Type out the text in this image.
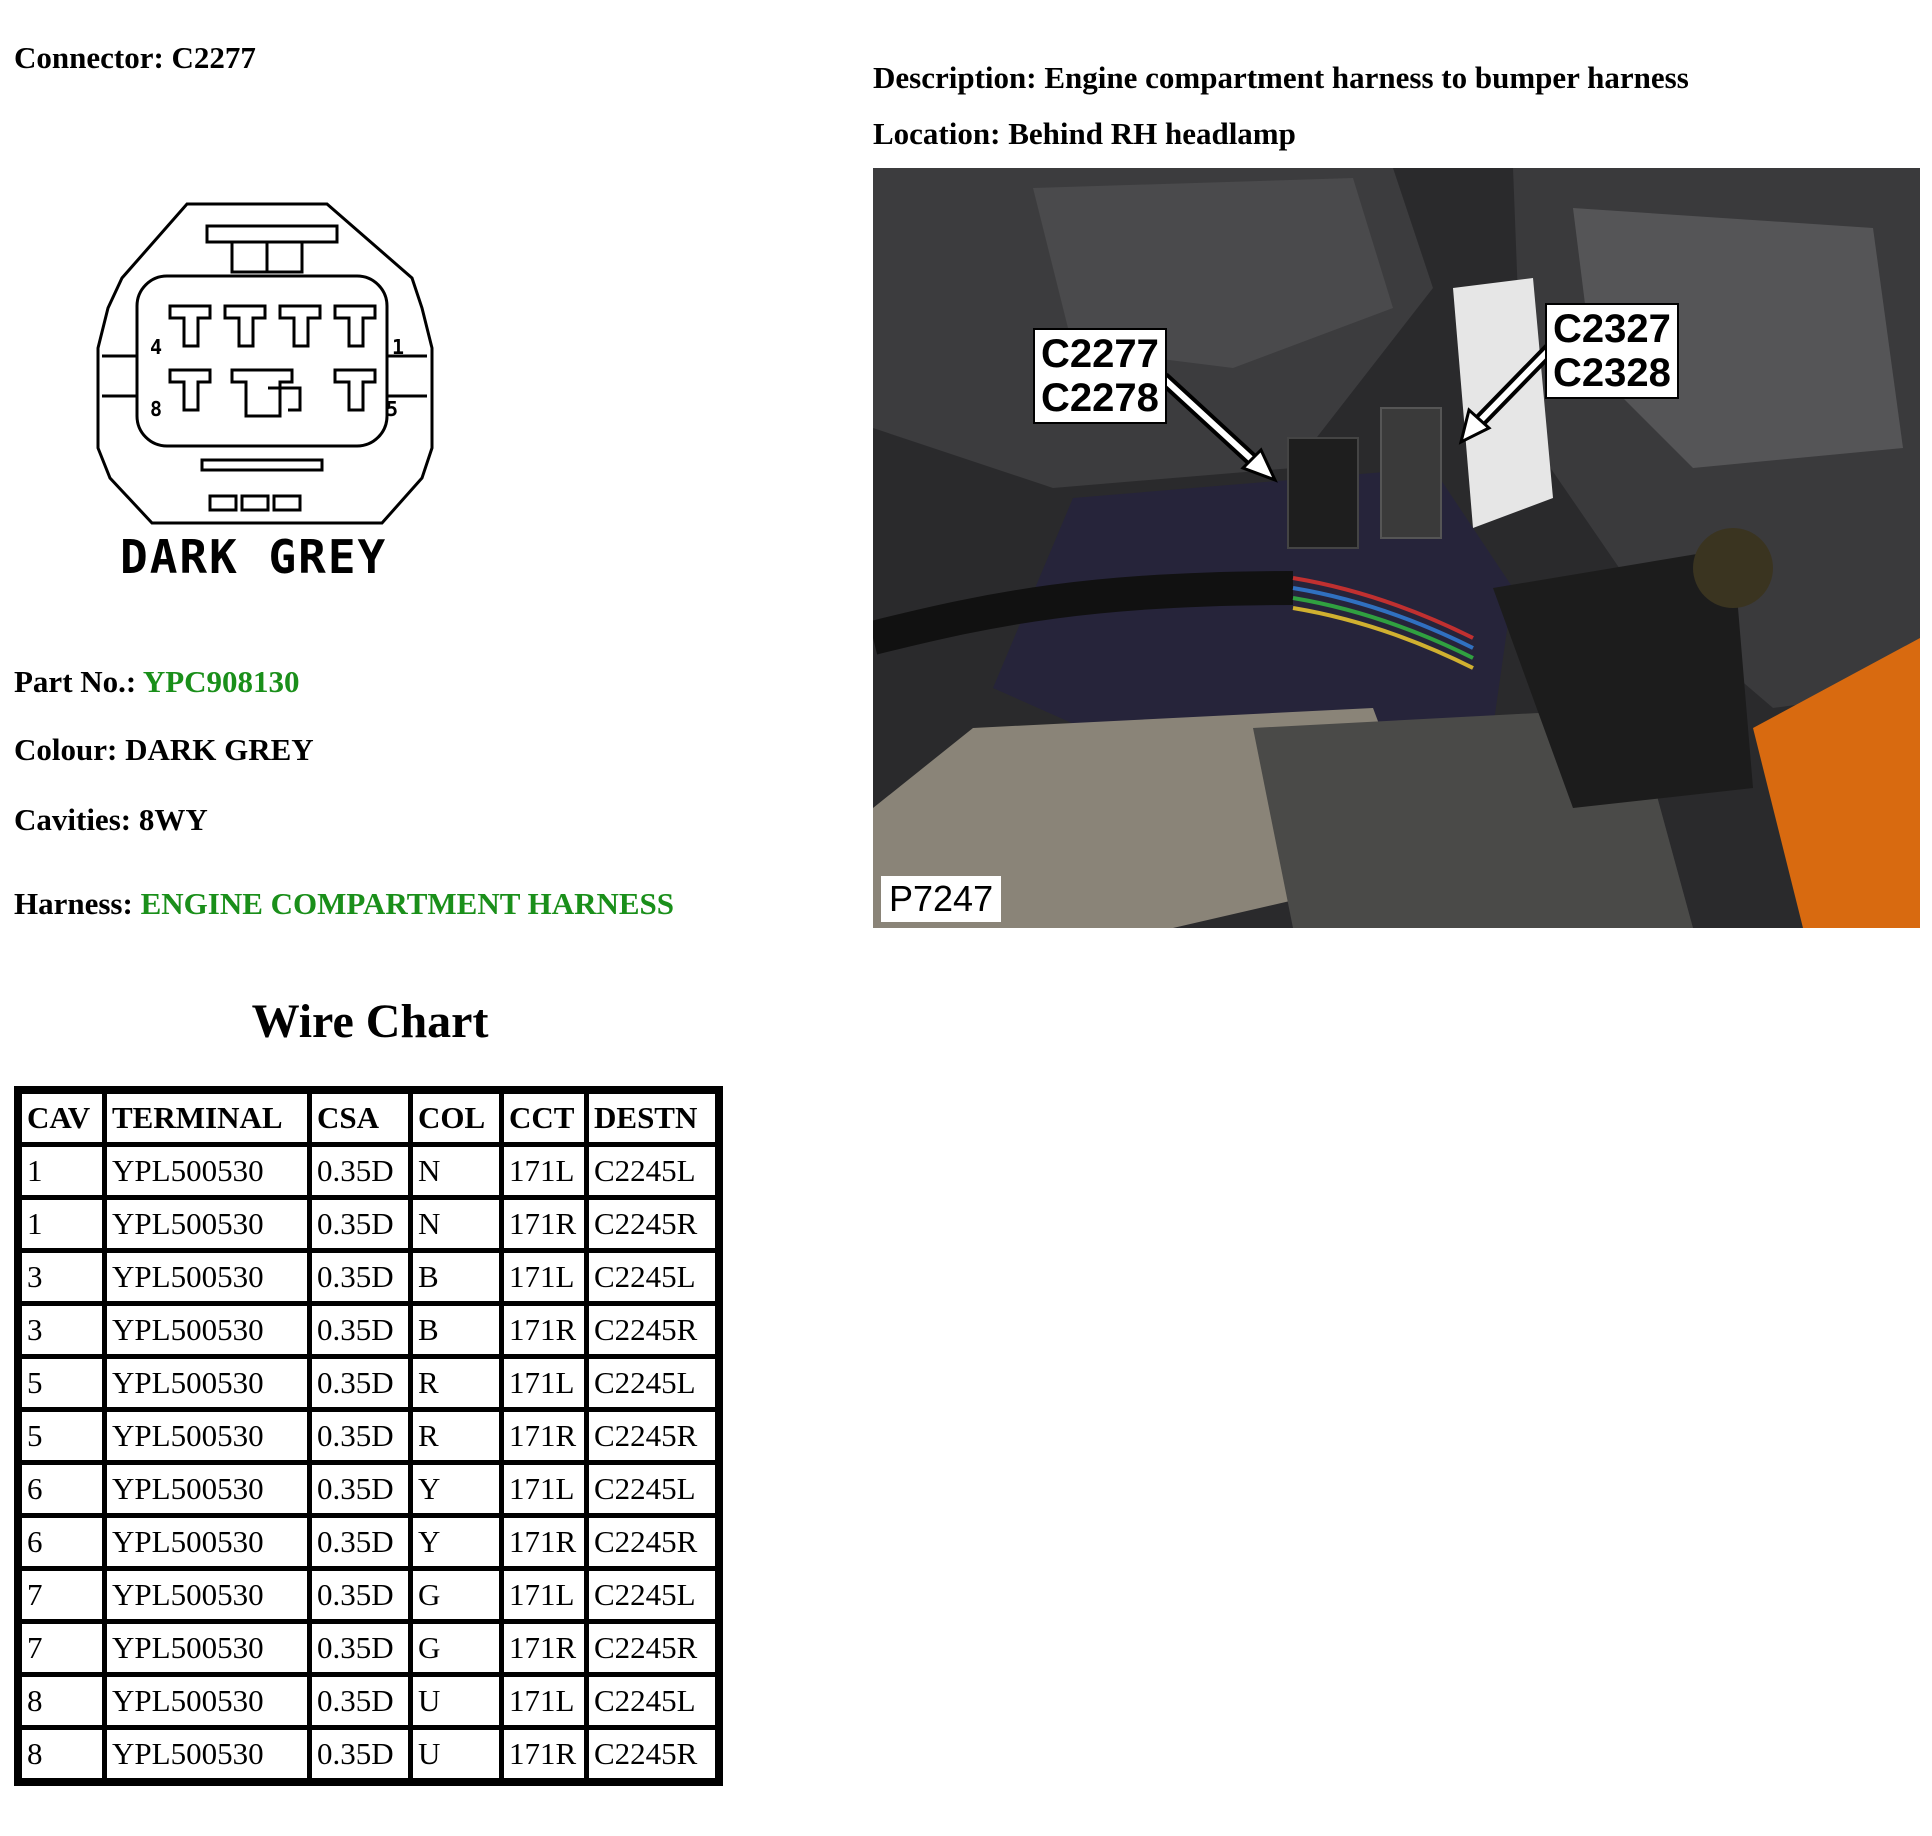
Connector: C2277
Description: Engine compartment harness to bumper harness
Location: Behind RH headlamp
4	1
8	5
DARK GREY
Part No.: YPC908130
Colour: DARK GREY
Cavities: 8WY
Harness: ENGINE COMPARTMENT HARNESS
C2277
C2278
C2327
C2328
P7247
Wire Chart
CAV	TERMINAL	CSA	COL	CCT	DESTN
1	YPL500530	0.35D	N	171L	C2245L
1	YPL500530	0.35D	N	171R	C2245R
3	YPL500530	0.35D	B	171L	C2245L
3	YPL500530	0.35D	B	171R	C2245R
5	YPL500530	0.35D	R	171L	C2245L
5	YPL500530	0.35D	R	171R	C2245R
6	YPL500530	0.35D	Y	171L	C2245L
6	YPL500530	0.35D	Y	171R	C2245R
7	YPL500530	0.35D	G	171L	C2245L
7	YPL500530	0.35D	G	171R	C2245R
8	YPL500530	0.35D	U	171L	C2245L
8	YPL500530	0.35D	U	171R	C2245R
